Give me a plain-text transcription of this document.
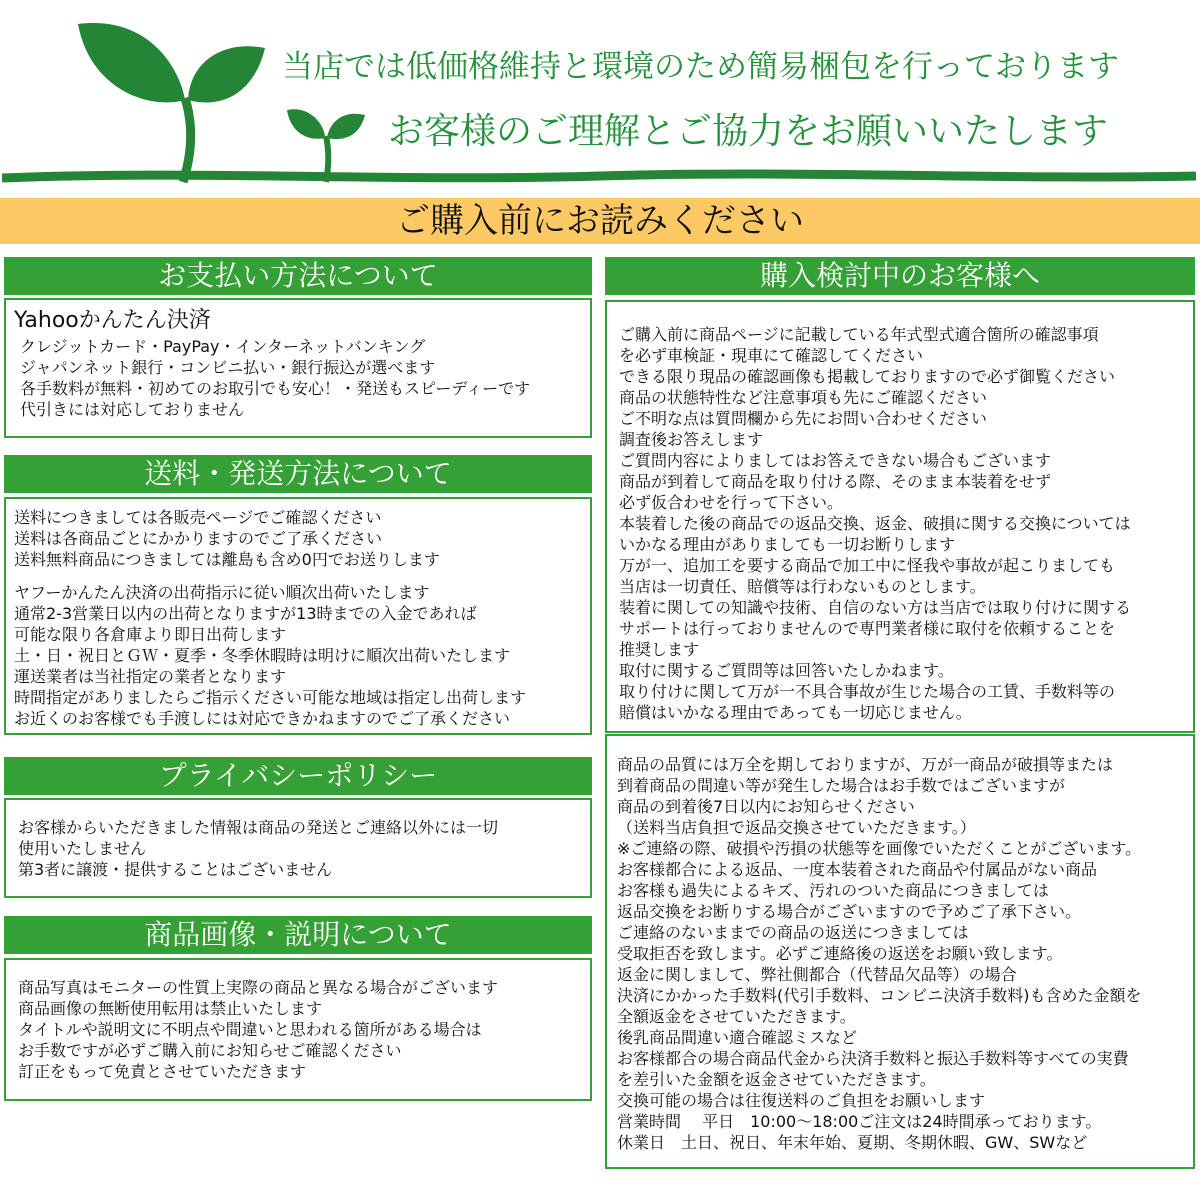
当店では低価格維持と環境のため簡易梱包を行っております
お客様のご理解とご協力をお願いいたします
ご購入前にお読みください
お支払い方法について

Yahooかんたん決済

クレジットカード・PayPay・インターネットバンキング

ジャパンネット銀行・コンビニ払い・銀行振込が選べます

各手数料が無料・初めてのお取引でも安心！・発送もスピーディーです

代引きには対応しておりません

送料・発送方法について

送料につきましては各販売ページでご確認ください

送料は各商品ごとにかかりますのでご了承ください

送料無料商品につきましては離島も含め0円でお送りします

ヤフーかんたん決済の出荷指示に従い順次出荷いたします

通常2-3営業日以内の出荷となりますが13時までの入金であれば

可能な限り各倉庫より即日出荷します

土・日・祝日とＧＷ・夏季・冬季休暇時は明けに順次出荷いたします

運送業者は当社指定の業者となります

時間指定がありましたらご指示ください可能な地域は指定し出荷します

お近くのお客様でも手渡しには対応できかねますのでご了承ください

プライバシーポリシー

お客様からいただきました情報は商品の発送とご連絡以外には一切

使用いたしません

第3者に譲渡・提供することはございません

商品画像・説明について

商品写真はモニターの性質上実際の商品と異なる場合がございます

商品画像の無断使用転用は禁止いたします

タイトルや説明文に不明点や間違いと思われる箇所がある場合は

お手数ですが必ずご購入前にお知らせご確認ください

訂正をもって免責とさせていただきます

購入検討中のお客様へ

ご購入前に商品ページに記載している年式型式適合箇所の確認事項

を必ず車検証・現車にて確認してください

できる限り現品の確認画像も掲載しておりますので必ず御覧ください

商品の状態特性など注意事項も先にご確認ください

ご不明な点は質問欄から先にお問い合わせください

調査後お答えします

ご質問内容によりましてはお答えできない場合もございます

商品が到着して商品を取り付ける際、そのまま本装着をせず

必ず仮合わせを行って下さい。

本装着した後の商品での返品交換、返金、破損に関する交換については

いかなる理由がありましても一切お断りします

万が一、追加工を要する商品で加工中に怪我や事故が起こりましても

当店は一切責任、賠償等は行わないものとします。

装着に関しての知識や技術、自信のない方は当店では取り付けに関する

サポートは行っておりませんので専門業者様に取付を依頼することを

推奨します

取付に関するご質問等は回答いたしかねます。

取り付けに関して万が一不具合事故が生じた場合の工賃、手数料等の

賠償はいかなる理由であっても一切応じません。

商品の品質には万全を期しておりますが、万が一商品が破損等または

到着商品の間違い等が発生した場合はお手数ではございますが

商品の到着後7日以内にお知らせください

（送料当店負担で返品交換させていただきます。）

※ご連絡の際、破損や汚損の状態等を画像でいただくことがございます。

お客様都合による返品、一度本装着された商品や付属品がない商品

お客様も過失によるキズ、汚れのついた商品につきましては

返品交換をお断りする場合がございますので予めご了承下さい。

ご連絡のないままでの商品の返送につきましては

受取拒否を致します。必ずご連絡後の返送をお願い致します。

返金に関しまして、弊社側都合（代替品欠品等）の場合

決済にかかった手数料(代引手数料、コンビニ決済手数料)も含めた金額を

全額返金をさせていただきます。

後乳商品間違い適合確認ミスなど

お客様都合の場合商品代金から決済手数料と振込手数料等すべての実費

を差引いた金額を返金させていただきます。

交換可能の場合は往復送料のご負担をお願いします

営業時間　 平日　10:00～18:00ご注文は24時間承っております。

休業日　土日、祝日、年末年始、夏期、冬期休暇、GW、SWなど
